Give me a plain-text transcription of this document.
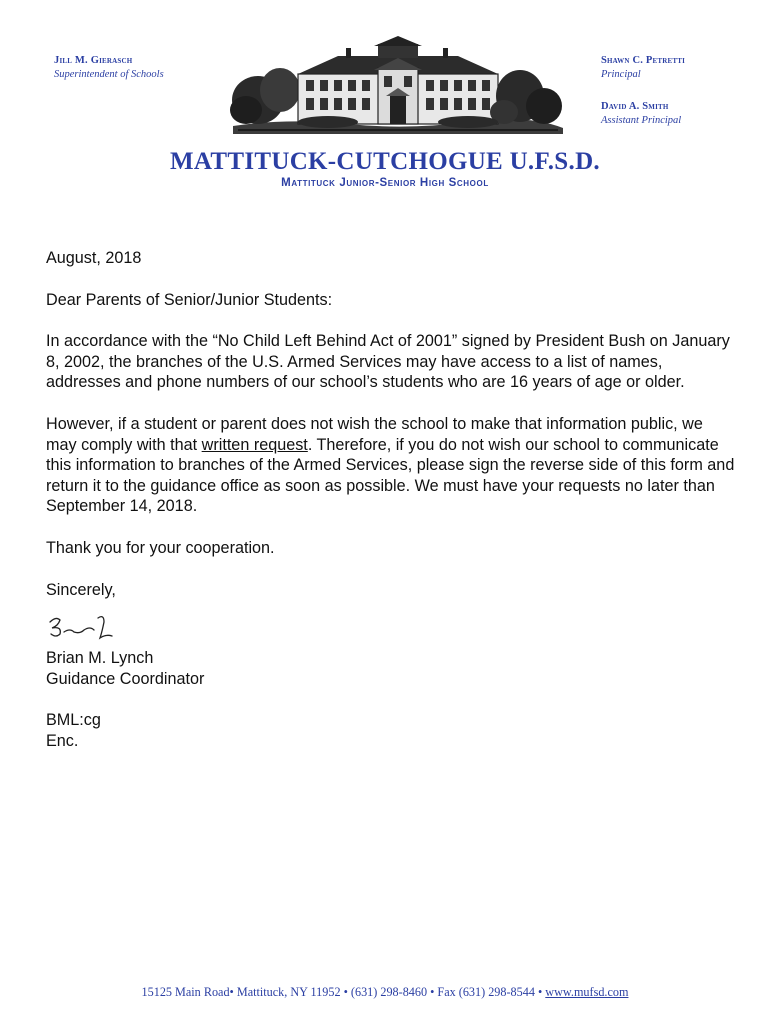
Jill M. Gierasch
Superintendent of Schools
Shawn C. Petretti
Principal
David A. Smith
Assistant Principal
MATTITUCK-CUTCHOGUE U.F.S.D.
Mattituck Junior-Senior High School

August, 2018

Dear Parents of Senior/Junior Students:

In accordance with the “No Child Left Behind Act of 2001” signed by President Bush on January 8, 2002, the branches of the U.S. Armed Services may have access to a list of names, addresses and phone numbers of our school’s students who are 16 years of age or older.

However, if a student or parent does not wish the school to make that information public, we may comply with that written request. Therefore, if you do not wish our school to communicate this information to branches of the Armed Services, please sign the reverse side of this form and return it to the guidance office as soon as possible. We must have your requests no later than September 14, 2018.

Thank you for your cooperation.

Sincerely,

Brian M. Lynch

Guidance Coordinator

BML:cg

Enc.

15125 Main Road• Mattituck, NY 11952 • (631) 298-8460 • Fax (631) 298-8544 • www.mufsd.com
